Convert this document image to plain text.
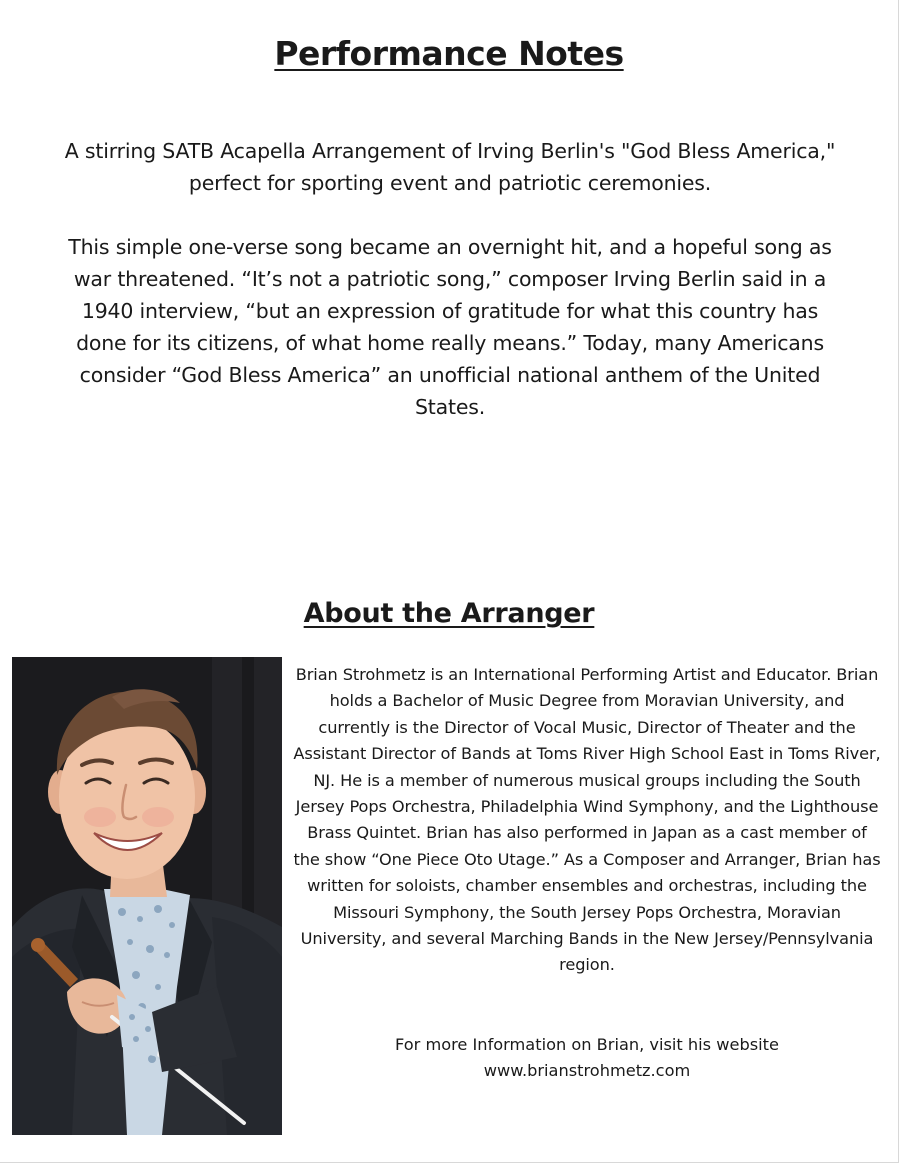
Performance Notes

A stirring SATB Acapella Arrangement of Irving Berlin's "God Bless America," perfect for sporting event and patriotic ceremonies.

This simple one-verse song became an overnight hit, and a hopeful song as war threatened. “It’s not a patriotic song,” composer Irving Berlin said in a 1940 interview, “but an expression of gratitude for what this country has done for its citizens, of what home really means.” Today, many Americans consider “God Bless America” an unofficial national anthem of the United States.

About the Arranger

Brian Strohmetz is an International Performing Artist and Educator. Brian holds a Bachelor of Music Degree from Moravian University, and currently is the Director of Vocal Music, Director of Theater and the Assistant Director of Bands at Toms River High School East in Toms River, NJ. He is a member of numerous musical groups including the South Jersey Pops Orchestra, Philadelphia Wind Symphony, and the Lighthouse Brass Quintet. Brian has also performed in Japan as a cast member of the show “One Piece Oto Utage.” As a Composer and Arranger, Brian has written for soloists, chamber ensembles and orchestras, including the Missouri Symphony, the South Jersey Pops Orchestra, Moravian University, and several Marching Bands in the New Jersey/Pennsylvania region.

For more Information on Brian, visit his website
www.brianstrohmetz.com
